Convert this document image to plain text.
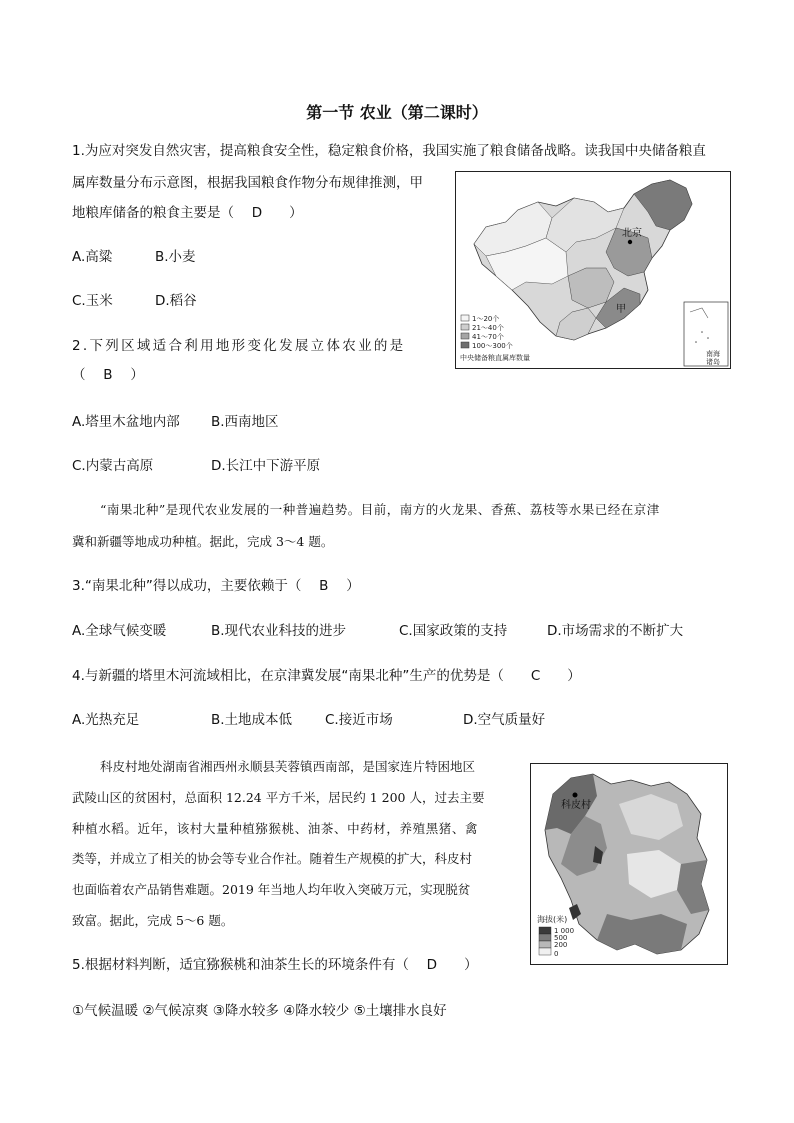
第一节 农业（第二课时）
1.为应对突发自然灾害，提高粮食安全性，稳定粮食价格，我国实施了粮食储备战略。读我国中央储备粮直
属库数量分布示意图，根据我国粮食作物分布规律推测，甲
地粮库储备的粮食主要是（　 D　　）
A.高粱	B.小麦
C.玉米	D.稻谷
北京
甲
1～20个
21～40个
41～70个
100～300个
中央储备粮直属库数量	南海
诸岛
2.下列区域适合利用地形变化发展立体农业的是
（　 B　 ）
A.塔里木盆地内部 B.西南地区
C.内蒙古高原	D.长江中下游平原
“南果北种”是现代农业发展的一种普遍趋势。目前，南方的火龙果、香蕉、荔枝等水果已经在京津
冀和新疆等地成功种植。据此，完成 3～4 题。
3.“南果北种”得以成功，主要依赖于（　 B　 ）
A.全球气候变暖	B.现代农业科技的进步	C.国家政策的支持	D.市场需求的不断扩大
4.与新疆的塔里木河流域相比，在京津冀发展“南果北种”生产的优势是（　　C　　）
A.光热充足	B.土地成本低 C.接近市场	D.空气质量好
科皮村地处湖南省湘西州永顺县芙蓉镇西南部，是国家连片特困地区
武陵山区的贫困村，总面积 12.24 平方千米，居民约 1 200 人，过去主要
种植水稻。近年，该村大量种植猕猴桃、油茶、中药材，养殖黑猪、禽
类等，并成立了相关的协会等专业合作社。随着生产规模的扩大，科皮村
也面临着农产品销售难题。2019 年当地人均年收入突破万元，实现脱贫
致富。据此，完成 5～6 题。
科皮村
海拔(米)
1 000
500
200
0
5.根据材料判断，适宜猕猴桃和油茶生长的环境条件有（　 D　　）
①气候温暖 ②气候凉爽 ③降水较多 ④降水较少 ⑤土壤排水良好
